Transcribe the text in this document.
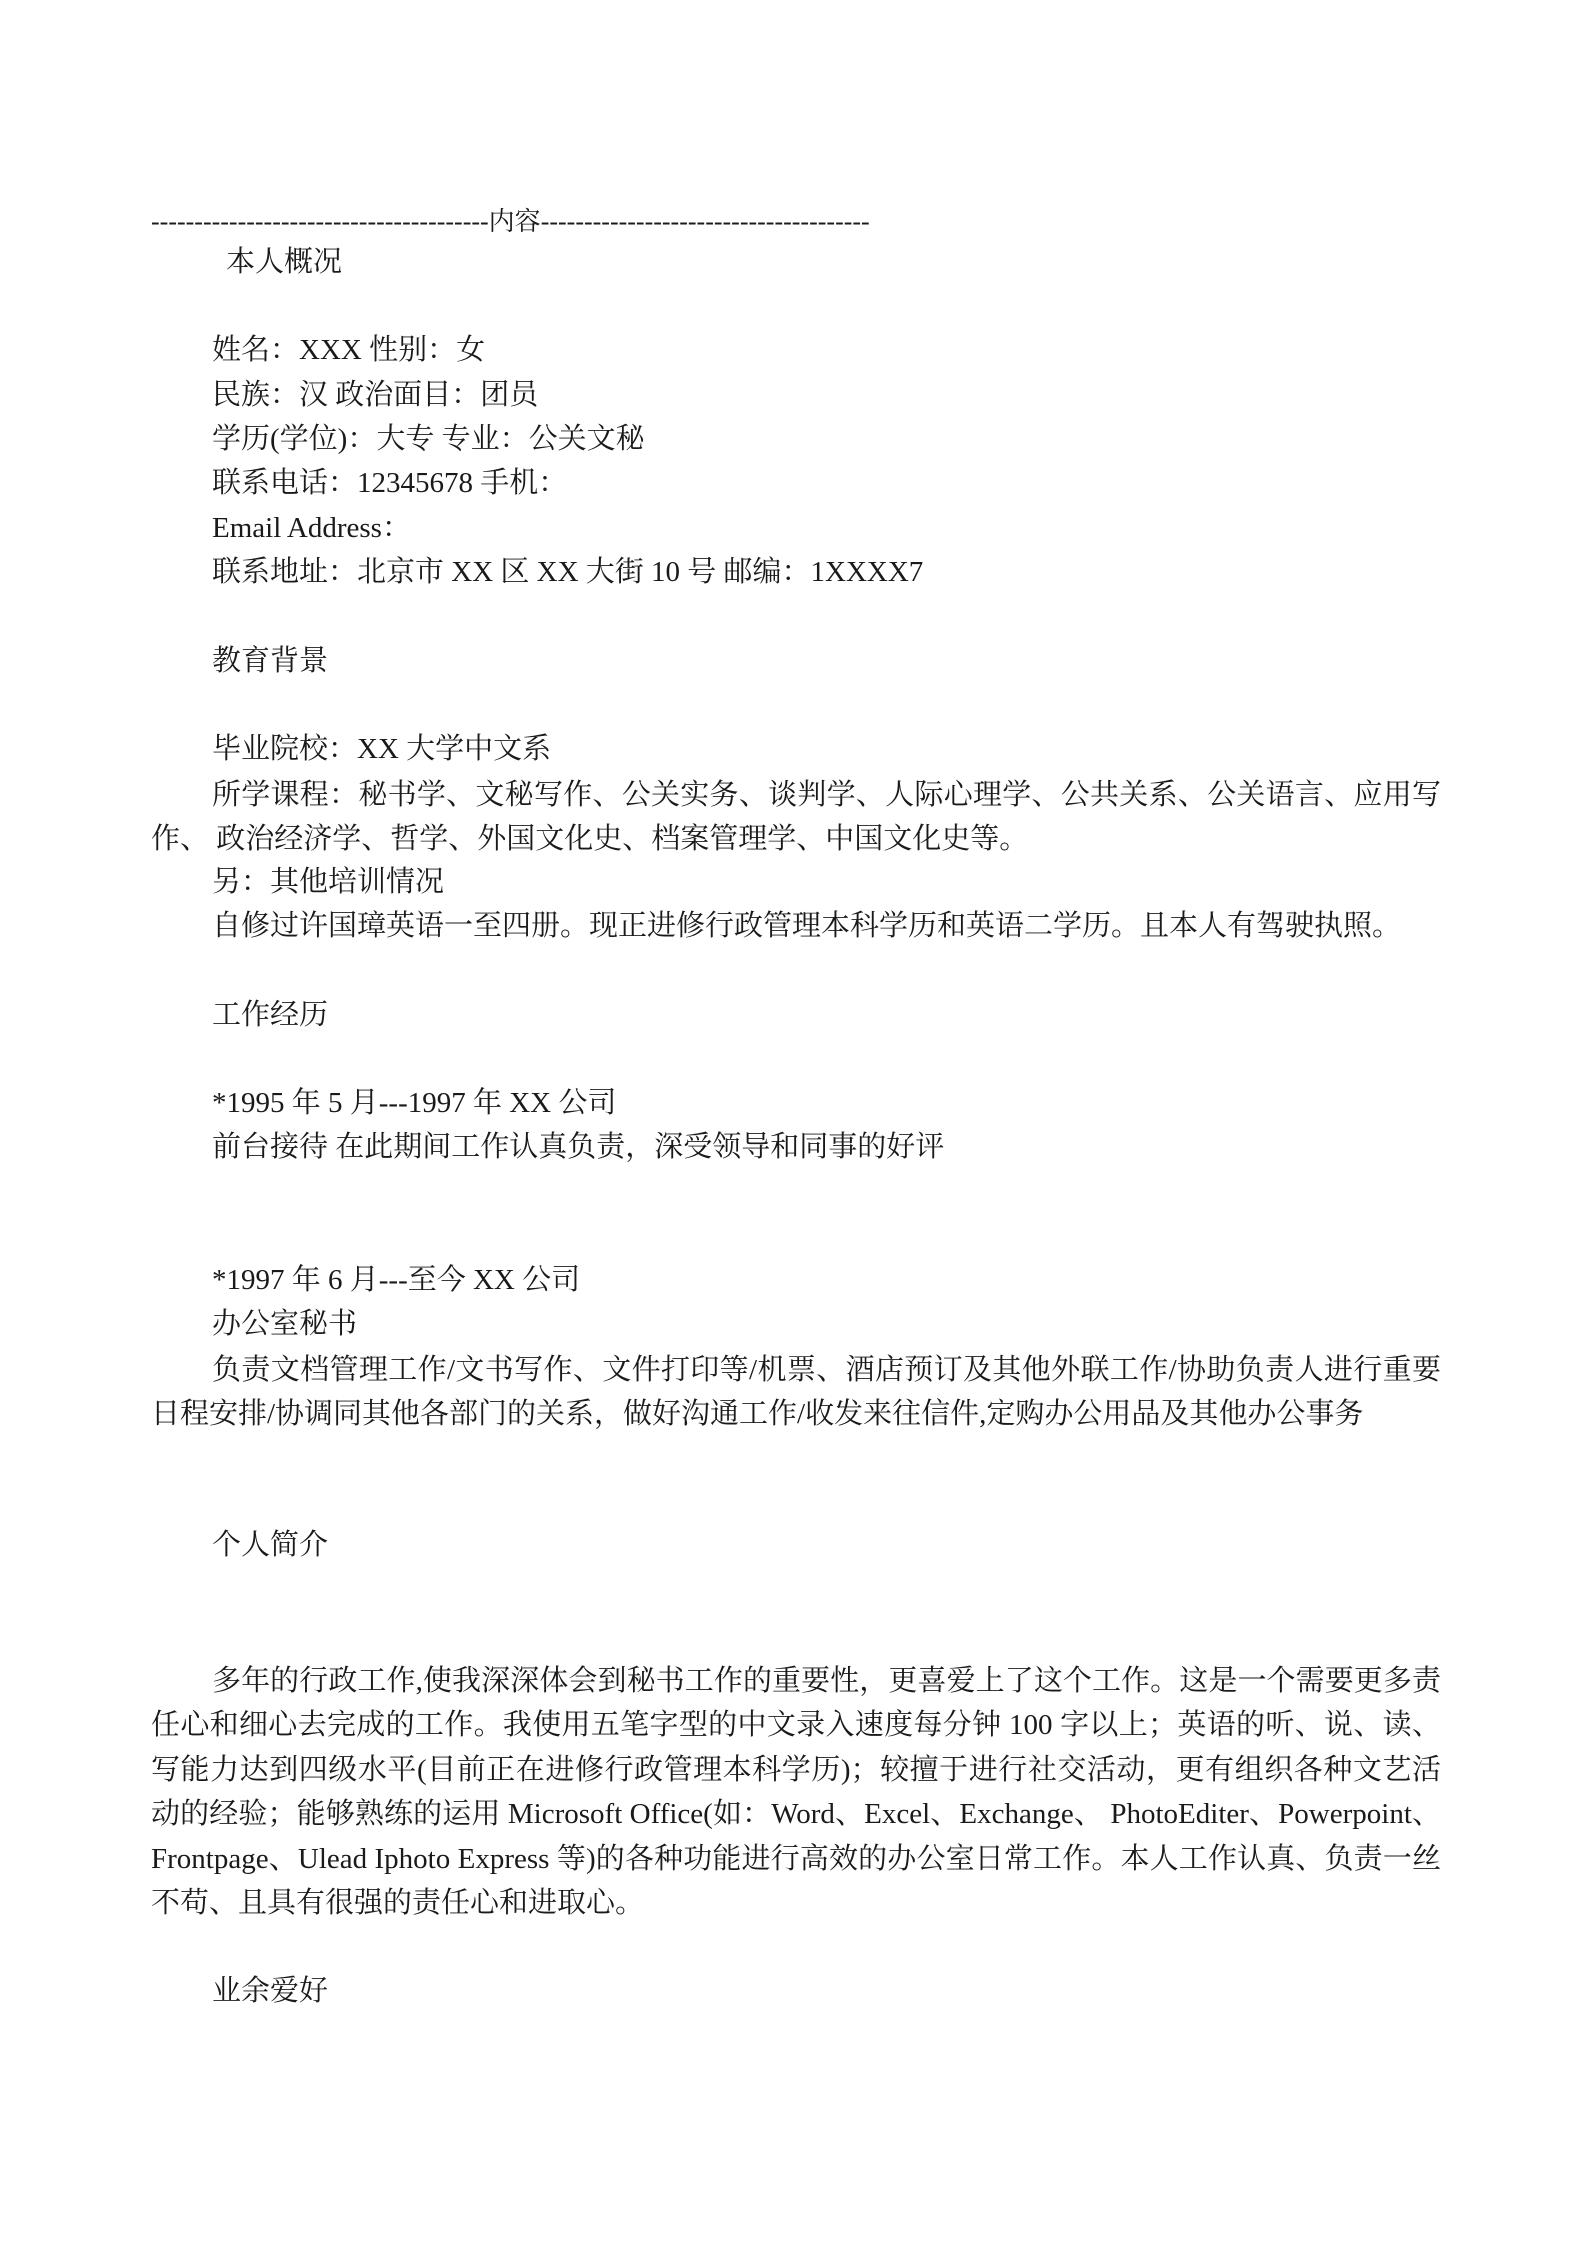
---------------------------------------内容--------------------------------------
本人概况
姓名：XXX 性别：女
民族：汉 政治面目：团员
学历(学位)：大专 专业：公关文秘
联系电话：12345678 手机：
Email Address：
联系地址：北京市 XX 区 XX 大街 10 号 邮编：1XXXX7
教育背景
毕业院校：XX 大学中文系
所学课程：秘书学、文秘写作、公关实务、谈判学、人际心理学、公共关系、公关语言、应用写作、 政治经济学、哲学、外国文化史、档案管理学、中国文化史等。
另：其他培训情况
自修过许国璋英语一至四册。现正进修行政管理本科学历和英语二学历。且本人有驾驶执照。
工作经历
*1995 年 5 月---1997 年 XX 公司
前台接待 在此期间工作认真负责，深受领导和同事的好评
*1997 年 6 月---至今 XX 公司
办公室秘书
负责文档管理工作/文书写作、文件打印等/机票、酒店预订及其他外联工作/协助负责人进行重要日程安排/协调同其他各部门的关系，做好沟通工作/收发来往信件,定购办公用品及其他办公事务
个人简介
多年的行政工作,使我深深体会到秘书工作的重要性，更喜爱上了这个工作。这是一个需要更多责任心和细心去完成的工作。我使用五笔字型的中文录入速度每分钟 100 字以上；英语的听、说、读、写能力达到四级水平(目前正在进修行政管理本科学历)；较擅于进行社交活动，更有组织各种文艺活动的经验；能够熟练的运用 Microsoft Office(如：Word、Excel、Exchange、 PhotoEditer、Powerpoint、Frontpage、Ulead Iphoto Express 等)的各种功能进行高效的办公室日常工作。本人工作认真、负责一丝不苟、且具有很强的责任心和进取心。
业余爱好
